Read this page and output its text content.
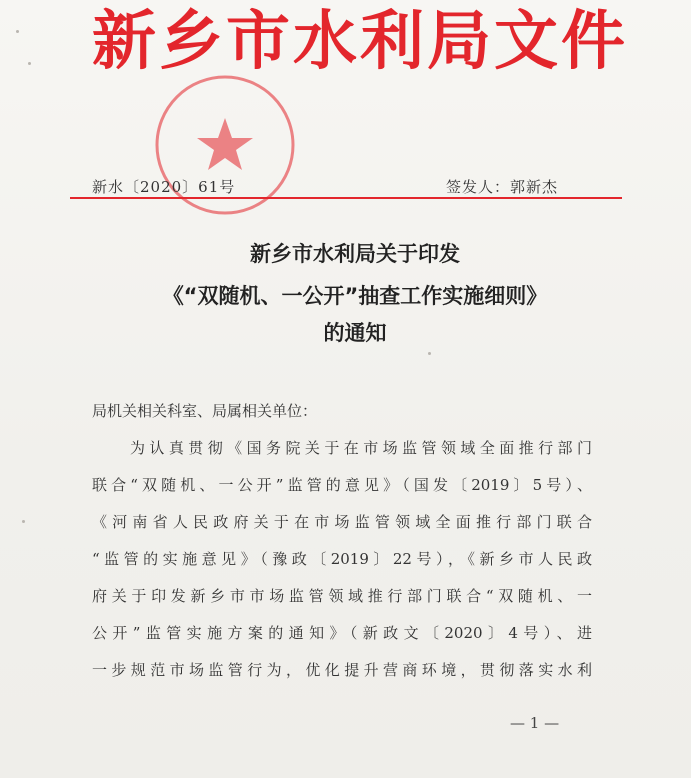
新乡市水利局文件
新水〔2020〕61号	签发人：郭新杰
新乡市水利局关于印发
《“双随机、一公开”抽查工作实施细则》
的通知
局机关相关科室、局属相关单位：
为认真贯彻《国务院关于在市场监管领域全面推行部门
联合“双随机、一公开”监管的意见》（国发〔2019〕5号）、
《河南省人民政府关于在市场监管领域全面推行部门联合
“监管的实施意见》（豫政〔2019〕22号），《新乡市人民政
府关于印发新乡市市场监管领域推行部门联合“双随机、一
公开”监管实施方案的通知》（新政文〔2020〕4号）、进
一步规范市场监管行为，优化提升营商环境，贯彻落实水利
— 1 —
